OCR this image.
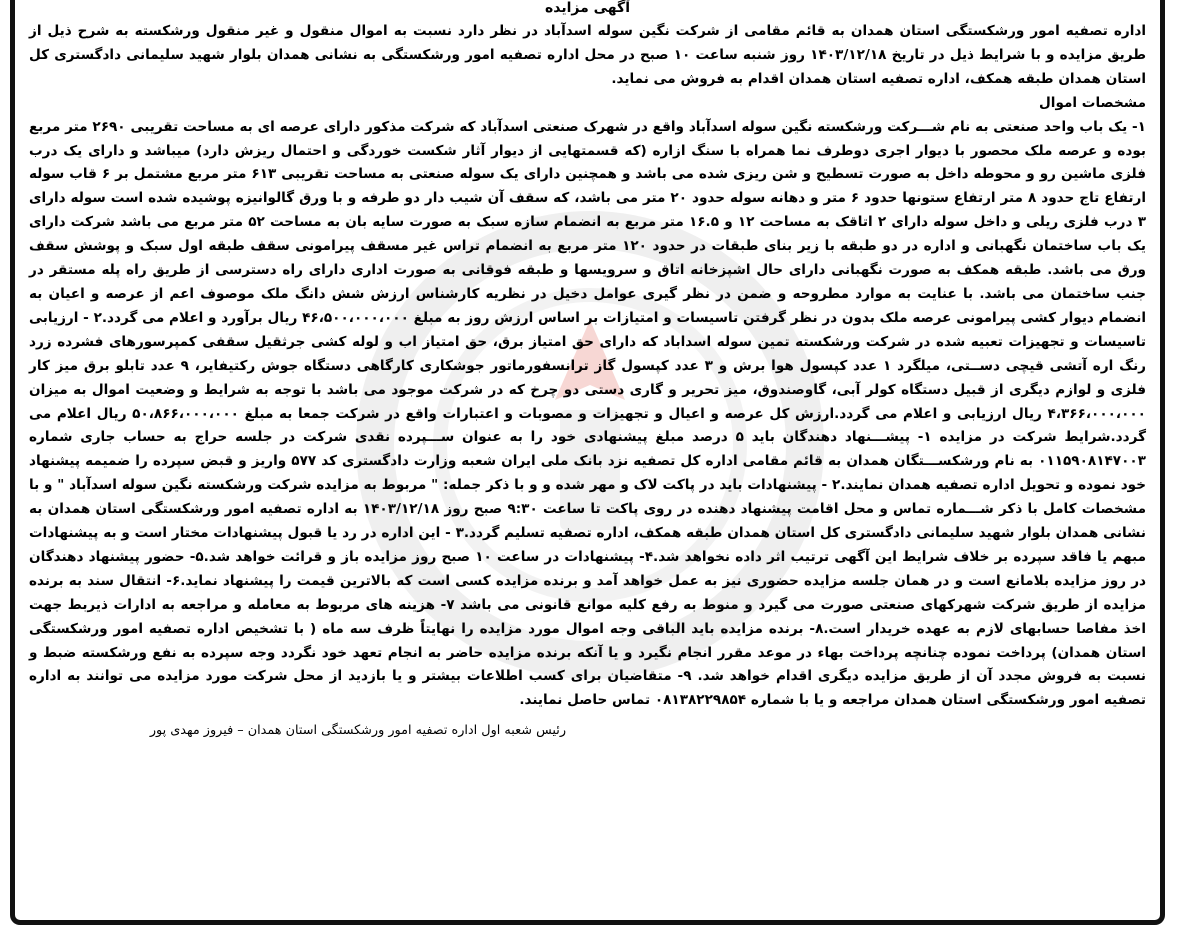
آگهی مزایده

اداره تصفیه امور ورشکستگی استان همدان به قائم مقامی از شرکت نگین سوله اسدآباد در نظر دارد نسبت به اموال منقول و غیر منقول ورشکسته به شرح ذیل از طریق مزایده و با شرایط ذیل در تاریخ ۱۴۰۳/۱۲/۱۸ روز شنبه ساعت ۱۰ صبح در محل اداره تصفیه امور ورشکستگی به نشانی همدان بلوار شهید سلیمانی دادگستری کل استان همدان طبقه همکف، اداره تصفیه استان همدان اقدام به فروش می نماید.

مشخصات اموال

۱- یک باب واحد صنعتی به نام شـــرکت ورشکسته نگین سوله اسدآباد واقع در شهرک صنعتی اسدآباد که شرکت مذکور دارای عرصه ای به مساحت تقریبی ۲۶۹۰ متر مربع بوده و عرصه ملک محصور با دیوار اجری دوطرف نما همراه با سنگ ازاره (که قسمتهایی از دیوار آثار شکست خوردگی و احتمال ریزش دارد) میباشد و دارای یک درب فلزی ماشین رو و محوطه داخل به صورت تسطیح و شن ریزی شده می باشد و همچنین دارای یک سوله صنعتی به مساحت تقریبی ۶۱۳ متر مربع مشتمل بر ۶ قاب سوله ارتفاع تاج حدود ۸ متر ارتفاع ستونها حدود ۶ متر و دهانه سوله حدود ۲۰ متر می باشد، که سقف آن شیب دار دو طرفه و با ورق گالوانیزه پوشیده شده است سوله دارای ۳ درب فلزی ریلی و داخل سوله دارای ۲ اتاقک به مساحت ۱۲ و ۱۶.۵ متر مربع به انضمام سازه سبک به صورت سایه بان به مساحت ۵۲ متر مربع می باشد شرکت دارای یک باب ساختمان نگهبانی و اداره در دو طبقه با زیر بنای طبقات در حدود ۱۲۰ متر مربع به انضمام تراس غیر مسقف پیرامونی سقف طبقه اول سبک و پوشش سقف ورق می باشد. طبقه همکف به صورت نگهبانی دارای حال اشپزخانه اتاق و سرویسها و طبقه فوقانی به صورت اداری دارای راه دسترسی از طریق راه پله مستقر در جنب ساختمان می باشد. با عنایت به موارد مطروحه و ضمن در نظر گیری عوامل دخیل در نظریه کارشناس ارزش شش دانگ ملک موصوف اعم از عرصه و اعیان به انضمام دیوار کشی پیرامونی عرصه ملک بدون در نظر گرفتن تاسیسات و امتیازات بر اساس ارزش روز به مبلغ ۴۶،۵۰۰،۰۰۰،۰۰۰ ریال برآورد و اعلام می گردد.۲ - ارزیابی تاسیسات و تجهیزات تعبیه شده در شرکت ورشکسته تمین سوله اسداباد که دارای حق امتیاز برق، حق امتیاز اب و لوله کشی جرثقیل سقفی کمپرسورهای فشرده زرد رنگ اره آتشی قیچی دســتی، میلگرد ۱ عدد کپسول هوا برش و ۳ عدد کپسول گاز ترانسفورماتور جوشکاری کارگاهی دستگاه جوش رکتیفایر، ۹ عدد تابلو برق میز کار فلزی و لوازم دیگری از قبیل دستگاه کولر آبی، گاوصندوق، میز تحریر و گاری دستی دو چرخ که در شرکت موجود می باشد با توجه به شرایط و وضعیت اموال به میزان ۴،۳۶۶،۰۰۰،۰۰۰ ریال ارزیابی و اعلام می گردد.ارزش کل عرصه و اعیال و تجهیزات و مصوبات و اعتبارات واقع در شرکت جمعا به مبلغ ۵۰،۸۶۶،۰۰۰،۰۰۰ ریال اعلام می گردد.شرایط شرکت در مزایده ۱- پیشـــنهاد دهندگان باید ۵ درصد مبلغ پیشنهادی خود را به عنوان ســـپرده نقدی شرکت در جلسه حراج به حساب جاری شماره ۰۱۱۵۹۰۸۱۴۷۰۰۳ به نام ورشکســـتگان همدان به قائم مقامی اداره کل تصفیه نزد بانک ملی ایران شعبه وزارت دادگستری کد ۵۷۷ واریز و قبض سپرده را ضمیمه پیشنهاد خود نموده و تحویل اداره تصفیه همدان نمایند.۲ - پیشنهادات باید در پاکت لاک و مهر شده و و با ذکر جمله: " مربوط به مزایده شرکت ورشکسته نگین سوله اسدآباد " و با مشخصات کامل با ذکر شـــماره تماس و محل اقامت پیشنهاد دهنده در روی پاکت تا ساعت ۹:۳۰ صبح روز ۱۴۰۳/۱۲/۱۸ به اداره تصفیه امور ورشکستگی استان همدان به نشانی همدان بلوار شهید سلیمانی دادگستری کل استان همدان طبقه همکف، اداره تصفیه تسلیم گردد.۳ - این اداره در رد یا قبول پیشنهادات مختار است و به پیشنهادات مبهم یا فاقد سپرده بر خلاف شرایط این آگهی ترتیب اثر داده نخواهد شد.۴- پیشنهادات در ساعت ۱۰ صبح روز مزایده باز و قرائت خواهد شد.۵- حضور پیشنهاد دهندگان در روز مزایده بلامانع است و در همان جلسه مزایده حضوری نیز به عمل خواهد آمد و برنده مزایده کسی است که بالاترین قیمت را پیشنهاد نماید.۶- انتقال سند به برنده مزایده از طریق شرکت شهرکهای صنعتی صورت می گیرد و منوط به رفع کلیه موانع قانونی می باشد ۷- هزینه های مربوط به معامله و مراجعه به ادارات ذیربط جهت اخذ مفاصا حسابهای لازم به عهده خریدار است.۸- برنده مزایده باید الباقی وجه اموال مورد مزایده را نهایتاً ظرف سه ماه ( با تشخیص اداره تصفیه امور ورشکستگی استان همدان) پرداخت نموده چنانچه پرداخت بهاء در موعد مقرر انجام نگیرد و یا آنکه برنده مزایده حاضر به انجام تعهد خود نگردد وجه سپرده به نفع ورشکسته ضبط و نسبت به فروش مجدد آن از طریق مزایده دیگری اقدام خواهد شد. ۹- متقاضیان برای کسب اطلاعات بیشتر و یا بازدید از محل شرکت مورد مزایده می توانند به اداره تصفیه امور ورشکستگی استان همدان مراجعه و یا با شماره ۰۸۱۳۸۲۲۹۸۵۴ تماس حاصل نمایند.

رئیس شعبه اول اداره تصفیه امور ورشکستگی استان همدان – فیروز مهدی پور
